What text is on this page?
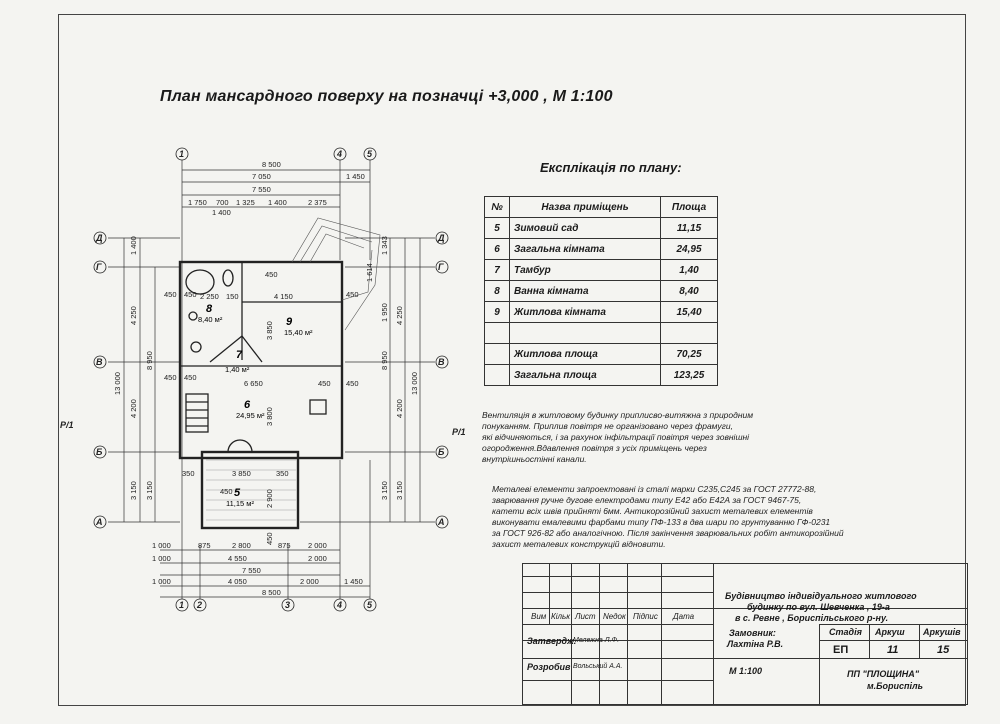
План мансардного поверху на позначці +3,000 , М 1:100
1	4	5
1 2	3	4	5
Д
Г
В
Б
А
Д
Г
В
Б
А
Р/1
Р/1
8 500
7 050	1 450
7 550
1 750 700 1 325 1 400	2 375
1 400
1 400
4 250
13 000
8 950
4 200
3 150 3 150
1 343
1 614
4 250
1 950
8 950
13 000
4 200
3 150
3 150
1 000	875	2 800	875 2 000
1 000	4 550	2 000
7 550
1 000	4 050	2 000	1 450
8 500
450
450
2 250 150	4 150
3 850
6 650
450
450
3 800
350	3 850	350
2 900
450
450
450
450
450
450
8
8,40 м²	9
15,40 м²
7
1,40 м²
6
24,95 м²
5
11,15 м²
Експлікація по плану:
№	Назва приміщень	Площа
5	Зимовий сад	11,15
6	Загальна кімната	24,95
7	Тамбур	1,40
8	Ванна кімната	8,40
9	Житлова кімната	15,40

	Житлова площа	70,25
	Загальна площа	123,25
Вентиляція в житловому будинку приплиcво-витяжна з природним
понуканням. Приплив повітря не організовано через фрамуги,
які відчиняються, і за рахунок інфільтрації повітря через зовнішні
огородження.Вдавлення повітря з усіх приміщень через
внутрішньостінні канали.
Металеві елементи запроектовані із сталі марки С235,С245 за ГОСТ 27772-88,
зварювання ручне дугове електродами типу Е42 або Е42А за ГОСТ 9467-75,
катети всіх швів прийняті 6мм. Антикорозійний захист металевих елементів
виконувати емалевими фарбами типу ПФ-133 в два шари по грунтуванню ГФ-0231
за ГОСТ 926-82 або аналогічною. Після закінчення зварювальних робіт антикорозійний
захист металевих конструкцій відновити.
Будівництво індивідуального житлового
будинку по вул. Шевченка , 19-а
в с. Ревне , Бориспільського р-ну.
Вим Кільк Лист Nедок Підпис Дата
Затвердж.
Мележна Л.Ф.
Розробив Вольський А.А.
Замовник:
Лахтіна Р.В.
М 1:100
Стадія Аркуш Аркушів
ЕП	11	15
ПП "ПЛОЩИНА"
м.Бориспіль
